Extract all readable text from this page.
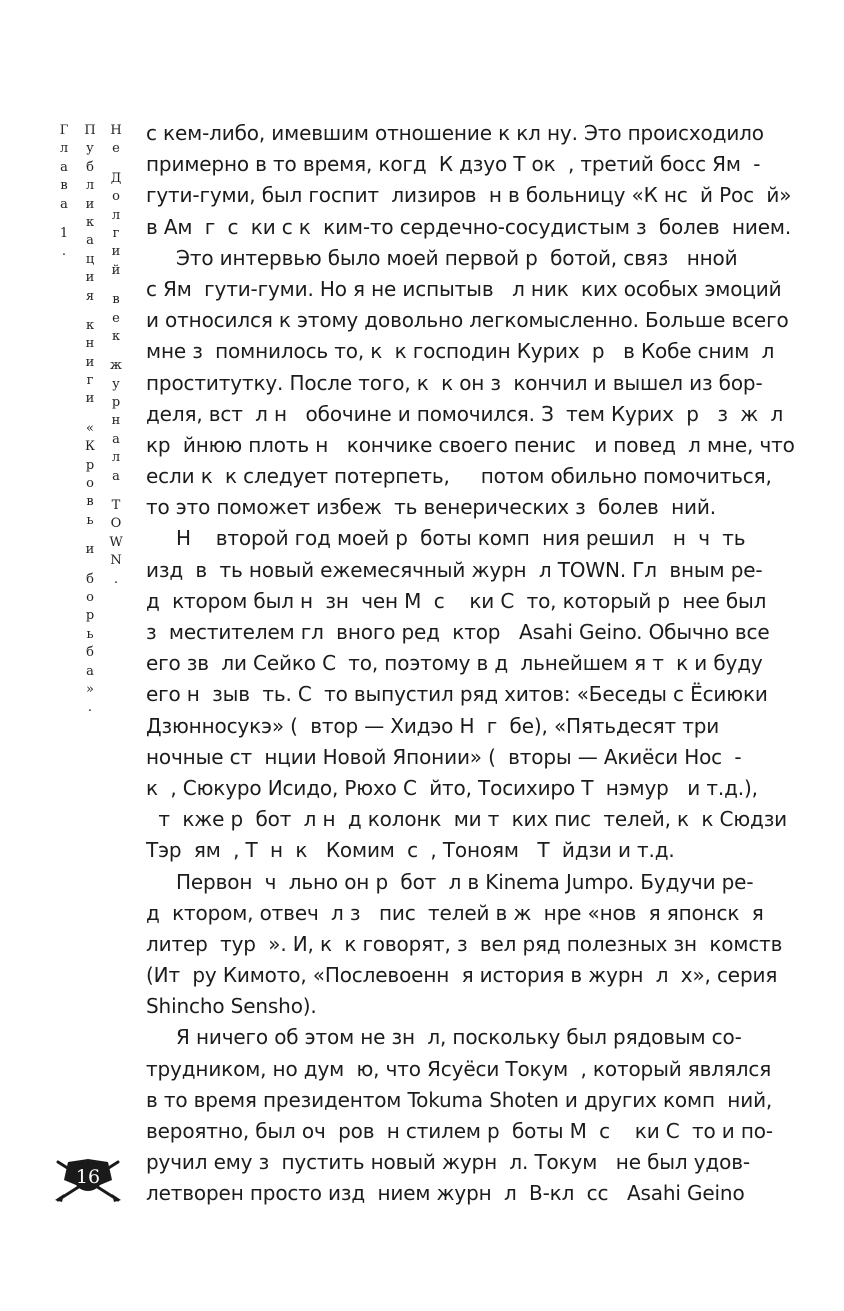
Г
л
а
в
а
1
.
П
у
б
л
и
к
а
ц
и
я
к
н
и
г
и
«
К
р
о
в
ь
и
б
о
р
ь
б
а
»
.
Н
е
Д
о
л
г
и
й
в
е
к
ж
у
р
н
а
л
а
T
O
W
N
.
с кем-либо, имевшим отношение к кл ну. Это происходило
примерно в то время, когд  К дзуо Т ок  , третий босс Ям  -
гути-гуми, был госпит  лизиров  н в больницу «К нс  й Рос  й»
в Ам  г  с  ки с к  ким-то сердечно-сосудистым з  болев  нием.
Это интервью было моей первой р  ботой, связ   нной
с Ям  гути-гуми. Но я не испытыв   л ник  ких особых эмоций
и относился к этому довольно легкомысленно. Больше всего
мне з  помнилось то, к  к господин Курих  р   в Кобе сним  л
проститутку. После того, к  к он з  кончил и вышел из бор-
деля, вст  л н   обочине и помочился. З  тем Курих  р   з  ж  л
кр  йнюю плоть н   кончике своего пенис   и повед  л мне, что
если к  к следует потерпеть,     потом обильно помочиться,
то это поможет избеж  ть венерических з  болев  ний.
Н    второй год моей р  боты комп  ния решил   н  ч  ть
изд  в  ть новый ежемесячный журн  л TOWN. Гл  вным ре-
д  ктором был н  зн  чен М  с    ки С  то, который р  нее был
з  местителем гл  вного ред  ктор   Asahi Geino. Обычно все
его зв  ли Сейко С  то, поэтому в д  льнейшем я т  к и буду
его н  зыв  ть. С  то выпустил ряд хитов: «Беседы с Ёсиюки
Дзюнносукэ» (  втор — Хидэо Н  г  бе), «Пятьдесят три
ночные ст  нции Новой Японии» (  вторы — Акиёси Нос  -
к  , Сюкуро Исидо, Рюхо С  йто, Тосихиро Т  нэмур   и т.д.),
т  кже р  бот  л н  д колонк  ми т  ких пис  телей, к  к Сюдзи
Тэр  ям  , Т  н  к   Комим  с  , Тоноям   Т  йдзи и т.д.
Первон  ч  льно он р  бот  л в Kinema Jumpo. Будучи ре-
д  ктором, отвеч  л з   пис  телей в ж  нре «нов  я японск  я
литер  тур  ». И, к  к говорят, з  вел ряд полезных зн  комств
(Ит  ру Кимото, «Послевоенн  я история в журн  л  х», серия
Shincho Sensho).
Я ничего об этом не зн  л, поскольку был рядовым со-
трудником, но дум  ю, что Ясуёси Токум  , который являлся
в то время президентом Tokuma Shoten и других комп  ний,
вероятно, был оч  ров  н стилем р  боты М  с    ки С  то и по-
ручил ему з  пустить новый журн  л. Токум   не был удов-
летворен просто изд  нием журн  л  В-кл  сс   Asahi Geino
16
